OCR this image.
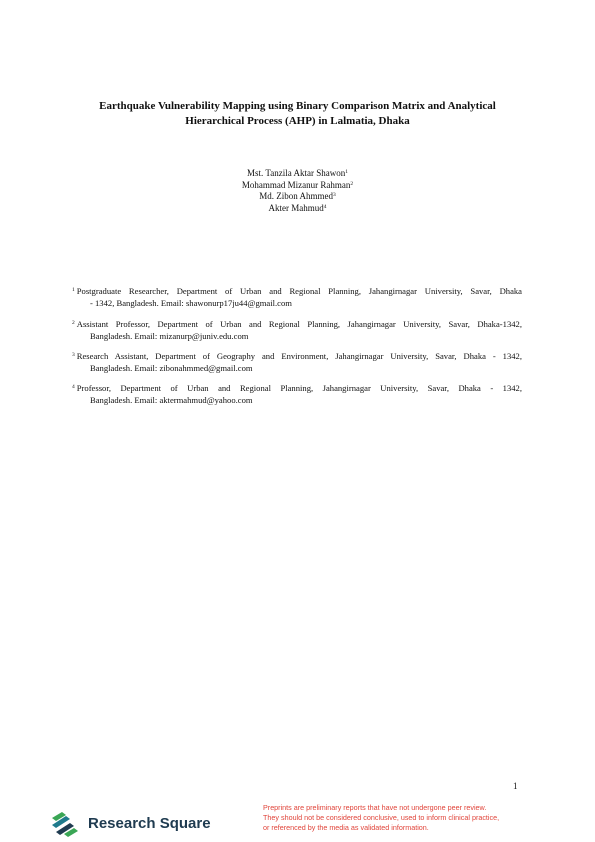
Earthquake Vulnerability Mapping using Binary Comparison Matrix and Analytical
Hierarchical Process (AHP) in Lalmatia, Dhaka
Mst. Tanzila Aktar Shawon$^1$
Mohammad Mizanur Rahman$^2$
Md. Zibon Ahmmed$^3$
Akter Mahmud$^4$
$^1$ Postgraduate Researcher, Department of Urban and Regional Planning, Jahangirnagar University, Savar, Dhaka
- 1342, Bangladesh. Email: shawonurp17ju44@gmail.com
$^2$ Assistant Professor, Department of Urban and Regional Planning, Jahangirnagar University, Savar, Dhaka-1342,
Bangladesh. Email: mizanurp@juniv.edu.com
$^3$ Research Assistant, Department of Geography and Environment, Jahangirnagar University, Savar, Dhaka - 1342,
Bangladesh. Email: zibonahmmed@gmail.com
$^4$ Professor, Department of Urban and Regional Planning, Jahangirnagar University, Savar, Dhaka - 1342,
Bangladesh. Email: aktermahmud@yahoo.com
1
Research Square
Preprints are preliminary reports that have not undergone peer review.
They should not be considered conclusive, used to inform clinical practice,
or referenced by the media as validated information.
